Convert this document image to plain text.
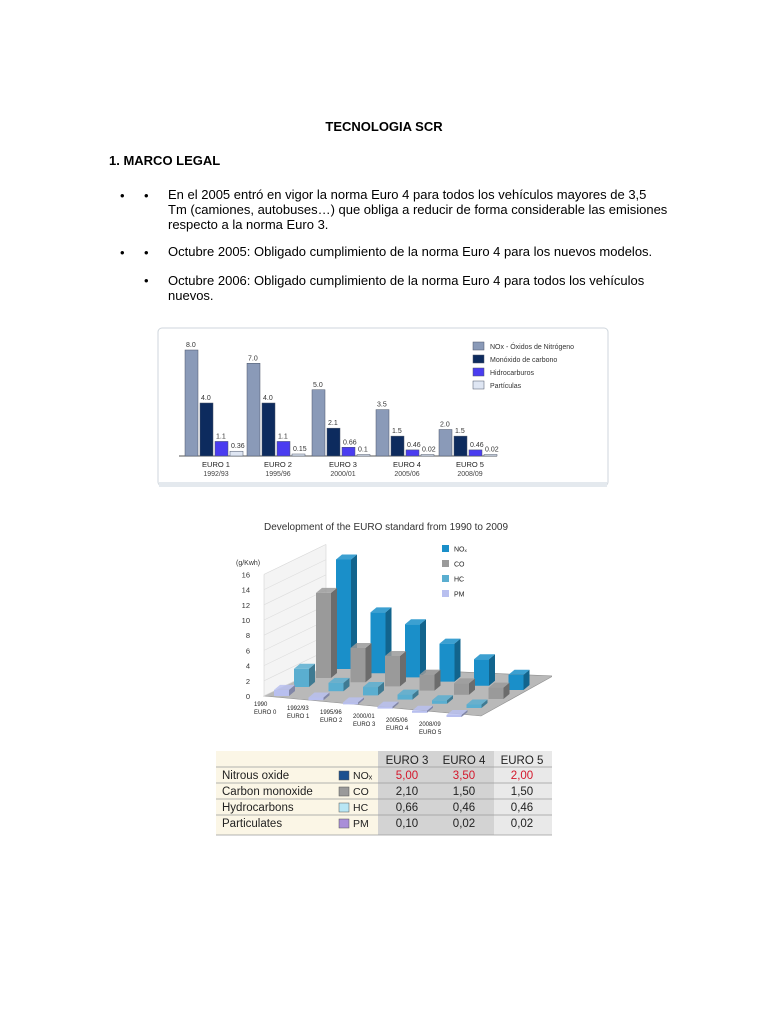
TECNOLOGIA SCR
1. MARCO LEGAL
• • En el 2005 entró en vigor la norma Euro 4 para todos los vehículos mayores de 3,5 Tm (camiones, autobuses…) que obliga a reducir de forma considerable las emisiones respecto a la norma Euro 3.
• • Octubre 2005: Obligado cumplimiento de la norma Euro 4 para los nuevos modelos.
• Octubre 2006: Obligado cumplimiento de la norma Euro 4 para todos los vehículos nuevos.
8.0
7.0
5.0
3.5
2.0
4.0	4.0
2.1
1.5	1.5
1.1	1.1
0.66	0.46	0.46
0.36	0.15	0.1	0.02	0.02
EURO 1
1992/93
EURO 2
1995/96
EURO 3
2000/01
EURO 4
2005/06
EURO 5
2008/09
NOx - Óxidos de Nitrógeno
Monóxido de carbono
Hidrocarburos
Partículas
Development of the EURO standard from 1990 to 2009
(g/Kwh)
0
2
4
6
8
10
12
14
16
1990
EURO 0
1992/93
EURO 1
1995/96
EURO 2
2000/01
EURO 3
2005/06
EURO 4
2008/09
EURO 5
NOₓ
CO
HC
PM
EURO 3 EURO 4 EURO 5
Nitrous oxide	NOₓ 5,00	3,50	2,00
Carbon monoxide	CO 2,10	1,50	1,50
Hydrocarbons	HC 0,66	0,46	0,46
Particulates	PM 0,10	0,02	0,02
